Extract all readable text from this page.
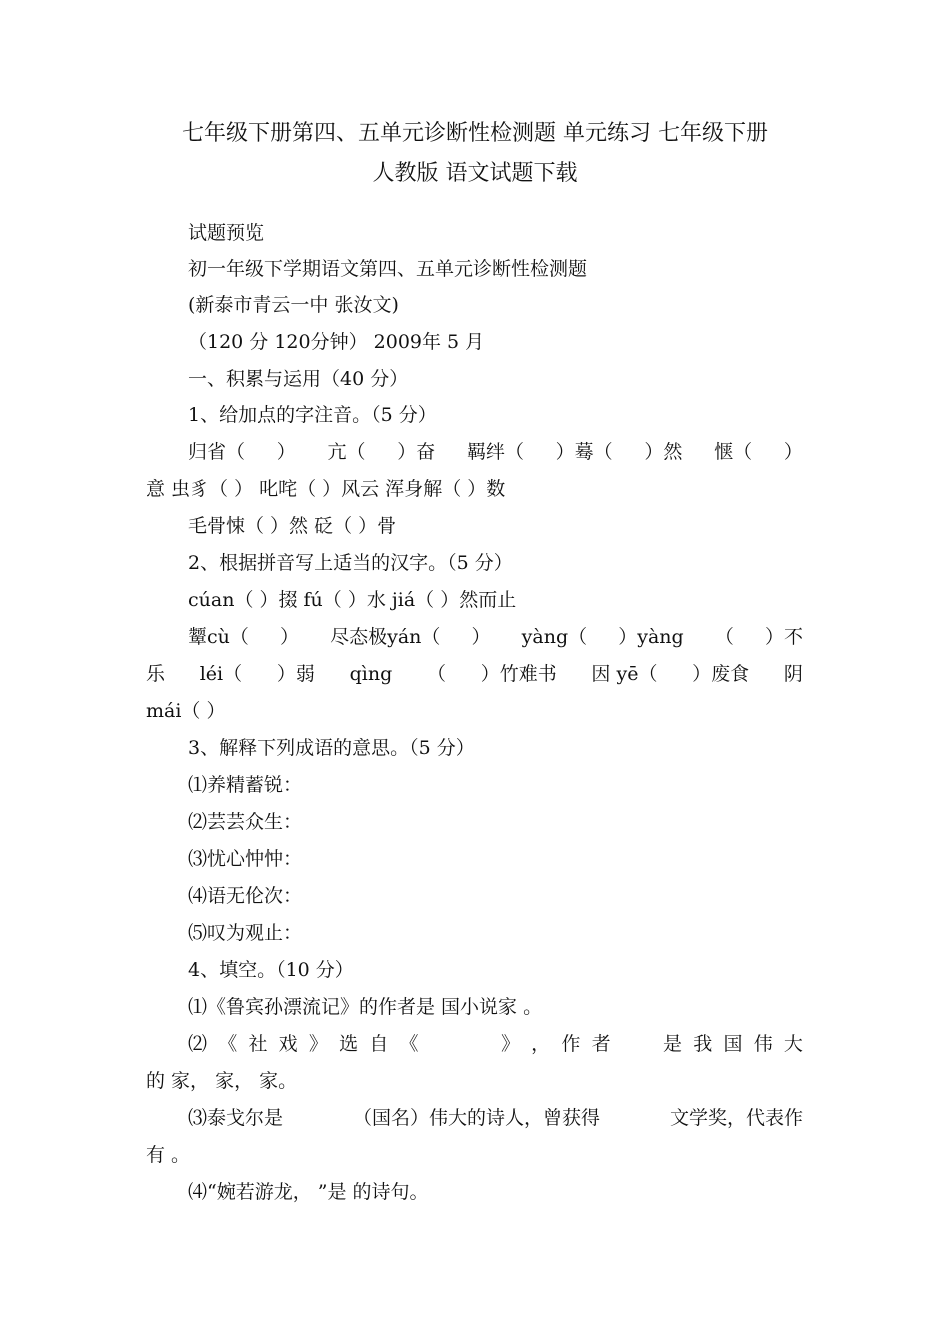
七年级下册第四、五单元诊断性检测题 单元练习 七年级下册
人教版 语文试题下载
试题预览
初一年级下学期语文第四、五单元诊断性检测题
(新泰市青云一中 张汝文)
（120 分 120分钟） 2009年 5 月
一、积累与运用（40 分）
1、给加点的字注音。（5 分）
归省（ ） 亢（ ）奋 羁绊（ ）蓦（ ）然 惬（ ）
意 虫豸（ ） 叱咤（ ）风云 浑身解（ ）数
毛骨悚（ ）然 砭（ ）骨
2、根据拼音写上适当的汉字。（5 分）
cúan（ ）掇 fú（ ）水 jiá（ ）然而止
颦cù（ ） 尽态极yán（ ） yàng（ ）yàng （ ）不
乐 léi（ ）弱 qìng （ ）竹难书 因 yē（ ）废食 阴
mái（ ）
3、解释下列成语的意思。（5 分）
⑴养精蓄锐：
⑵芸芸众生：
⑶忧心忡忡：
⑷语无伦次：
⑸叹为观止：
4、填空。（10 分）
⑴《鲁宾孙漂流记》的作者是 国小说家 。
⑵ 《 社 戏 》 选 自 《	》 ， 作 者	是 我 国 伟 大
的 家， 家， 家。
⑶泰戈尔是	（国名）伟大的诗人，曾获得	文学奖，代表作
有 。
⑷“婉若游龙， ”是 的诗句。
